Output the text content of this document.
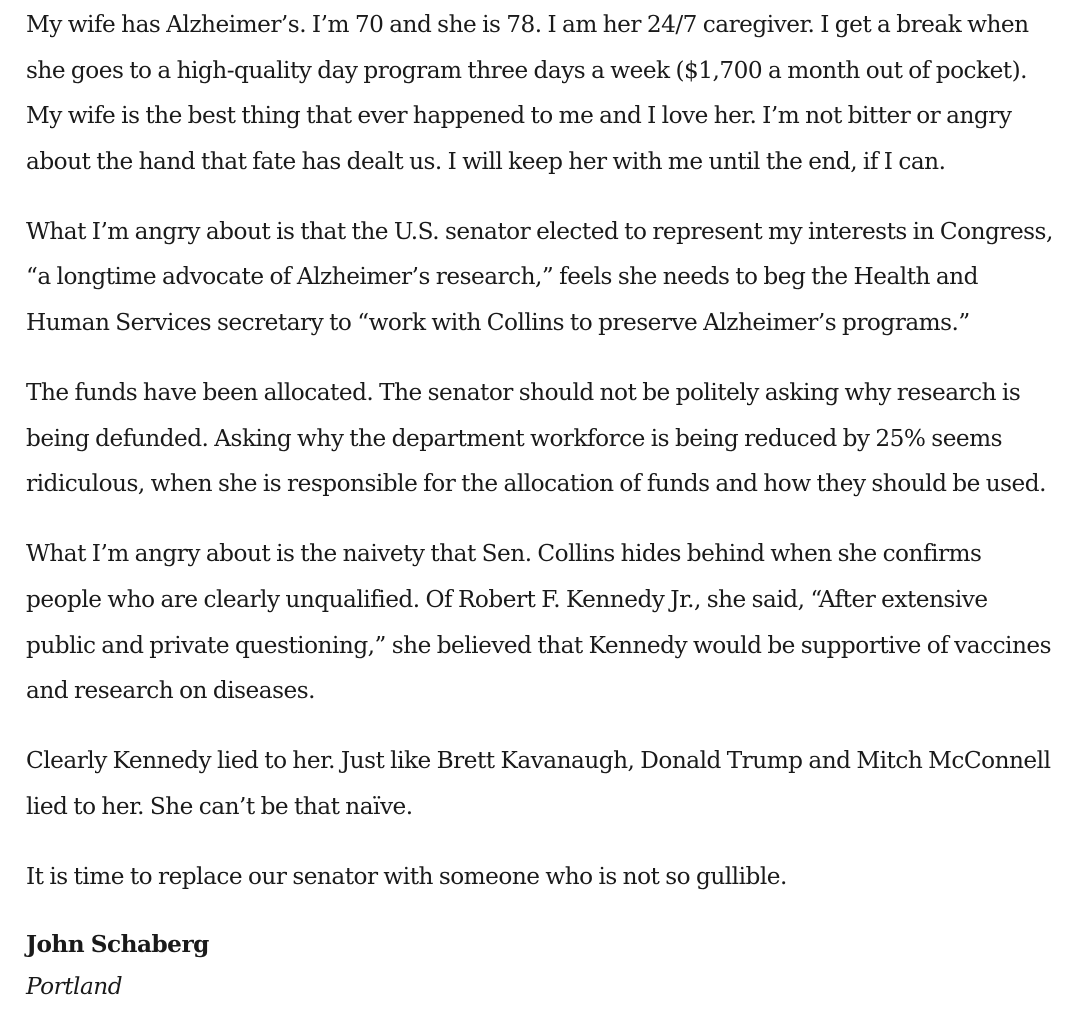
My wife has Alzheimer’s. I’m 70 and she is 78. I am her 24/7 caregiver. I get a break when she goes to a high-quality day program three days a week ($1,700 a month out of pocket). My wife is the best thing that ever happened to me and I love her. I’m not bitter or angry about the hand that fate has dealt us. I will keep her with me until the end, if I can.

What I’m angry about is that the U.S. senator elected to represent my interests in Congress, “a longtime advocate of Alzheimer’s research,” feels she needs to beg the Health and Human Services secretary to “work with Collins to preserve Alzheimer’s programs.”

The funds have been allocated. The senator should not be politely asking why research is being defunded. Asking why the department workforce is being reduced by 25% seems ridiculous, when she is responsible for the allocation of funds and how they should be used.

What I’m angry about is the naivety that Sen. Collins hides behind when she confirms people who are clearly unqualified. Of Robert F. Kennedy Jr., she said, “After extensive public and private questioning,” she believed that Kennedy would be supportive of vaccines and research on diseases.

Clearly Kennedy lied to her. Just like Brett Kavanaugh, Donald Trump and Mitch McConnell lied to her. She can’t be that naïve.

It is time to replace our senator with someone who is not so gullible.

John Schaberg
Portland
